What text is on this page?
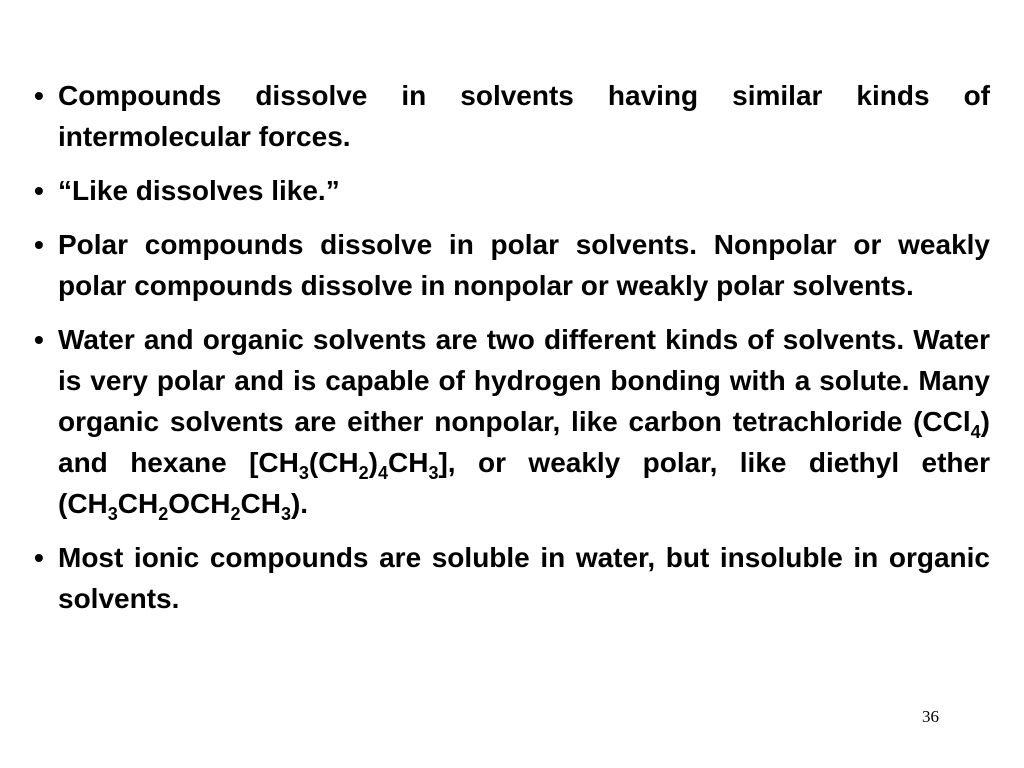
• Compounds dissolve in solvents having similar kinds of intermolecular forces.
• “Like dissolves like.”
• Polar compounds dissolve in polar solvents. Nonpolar or weakly polar compounds dissolve in nonpolar or weakly polar solvents.
• Water and organic solvents are two different kinds of solvents. Water is very polar and is capable of hydrogen bonding with a solute. Many organic solvents are either nonpolar, like carbon tetrachloride (CCl$_4$) and hexane $[CH_3(CH_2)_4CH_3]$, or weakly polar, like diethyl ether $(CH_3CH_2OCH_2CH_3)$.
• Most ionic compounds are soluble in water, but insoluble in organic solvents.
36
